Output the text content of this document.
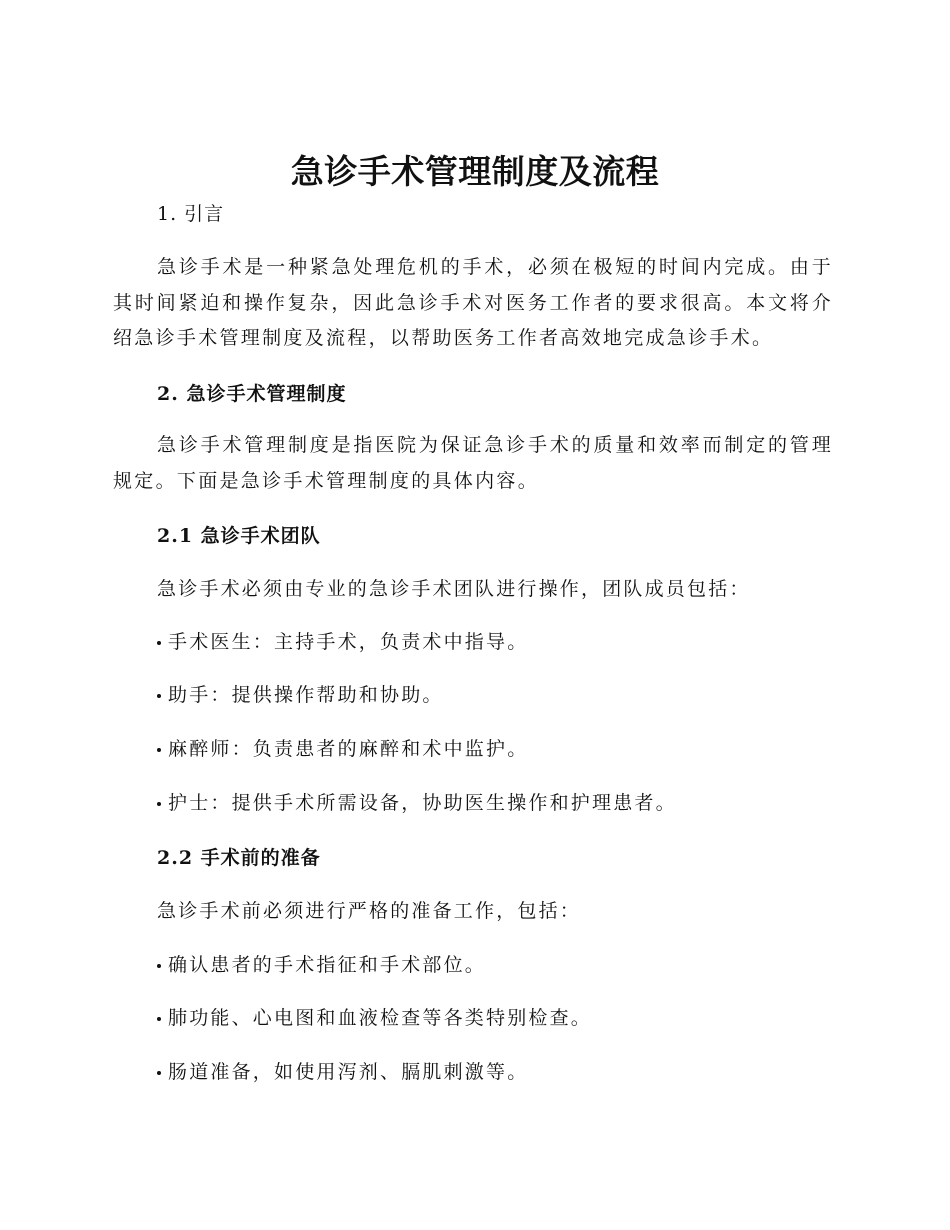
急诊手术管理制度及流程
1. 引言
急诊手术是一种紧急处理危机的手术，必须在极短的时间内完成。由于其时间紧迫和操作复杂，因此急诊手术对医务工作者的要求很高。本文将介绍急诊手术管理制度及流程，以帮助医务工作者高效地完成急诊手术。
2. 急诊手术管理制度
急诊手术管理制度是指医院为保证急诊手术的质量和效率而制定的管理规定。下面是急诊手术管理制度的具体内容。
2.1 急诊手术团队
急诊手术必须由专业的急诊手术团队进行操作，团队成员包括：
手术医生：主持手术，负责术中指导。
助手：提供操作帮助和协助。
麻醉师：负责患者的麻醉和术中监护。
护士：提供手术所需设备，协助医生操作和护理患者。
2.2 手术前的准备
急诊手术前必须进行严格的准备工作，包括：
确认患者的手术指征和手术部位。
肺功能、心电图和血液检查等各类特别检查。
肠道准备，如使用泻剂、膈肌刺激等。
